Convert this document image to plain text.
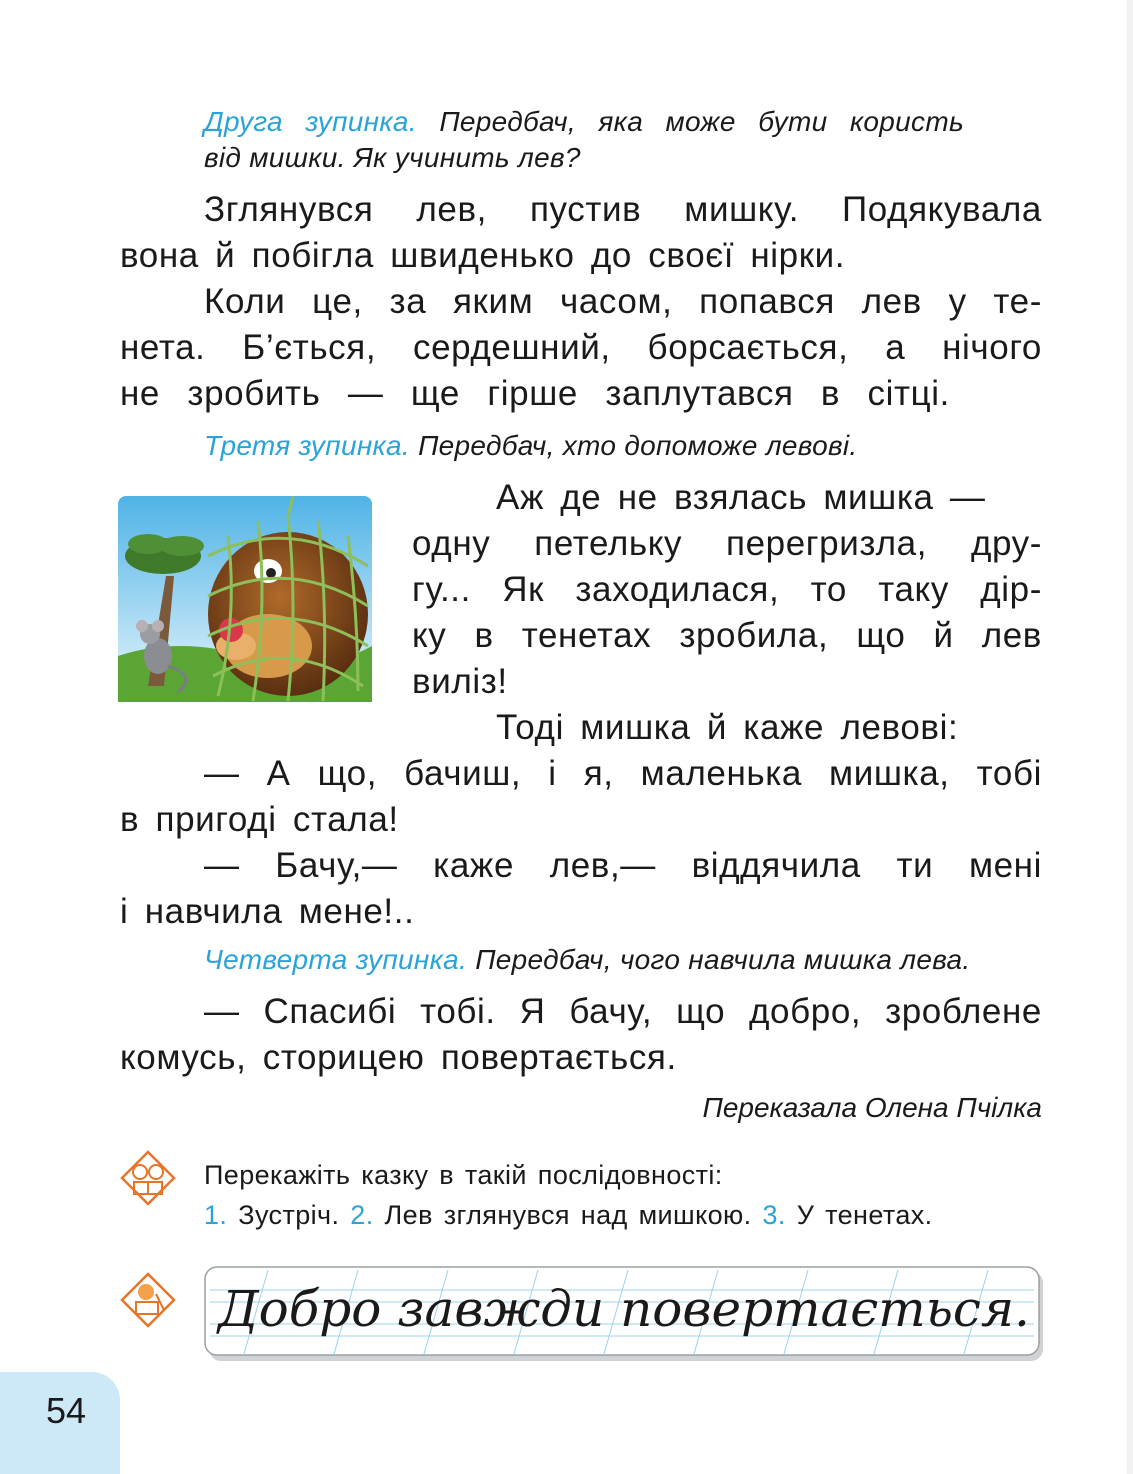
Друга зупинка. Передбач, яка може бути користь
від мишки. Як учинить лев?
Зглянувся лев, пустив мишку. Подякувала
вона й побігла швиденько до своєї нірки.
Коли це, за яким часом, попався лев у те-
нета. Б’ється, сердешний, борсається, а нічого
не зробить — ще гірше заплутався в сітці.
Третя зупинка. Передбач, хто допоможе левові.
Аж де не взялась мишка —
одну петельку перегризла, дру-
гу... Як заходилася, то таку дір-
ку в тенетах зробила, що й лев
виліз!
Тоді мишка й каже левові:
— А що, бачиш, і я, маленька мишка, тобі
в пригоді стала!
— Бачу,— каже лев,— віддячила ти мені
і навчила мене!..
Четверта зупинка. Передбач, чого навчила мишка лева.
— Спасибі тобі. Я бачу, що добро, зроблене
комусь, сторицею повертається.
Переказала Олена Пчілка
Перекажіть казку в такій послідовності:
1. Зустріч. 2. Лев зглянувся над мишкою. 3. У тенетах.
Добро завжди повертається.
54
